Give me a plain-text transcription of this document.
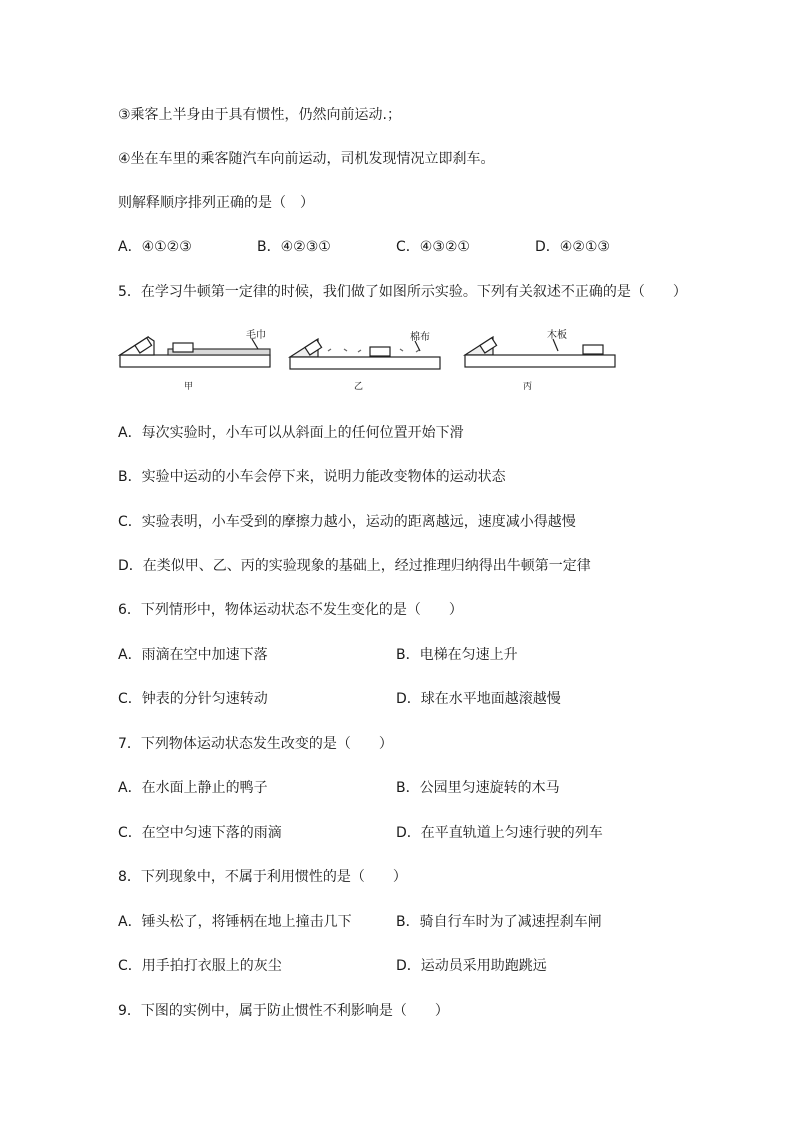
③乘客上半身由于具有惯性，仍然向前运动.；
④坐在车里的乘客随汽车向前运动，司机发现情况立即刹车。
则解释顺序排列正确的是（　）
A．④①②③	B．④②③①	C．④③②①	D．④②①③
5．在学习牛顿第一定律的时候，我们做了如图所示实验。下列有关叙述不正确的是（　　）
毛巾
甲
棉布
乙
木板
丙
A．每次实验时，小车可以从斜面上的任何位置开始下滑
B．实验中运动的小车会停下来，说明力能改变物体的运动状态
C．实验表明，小车受到的摩擦力越小，运动的距离越远，速度减小得越慢
D．在类似甲、乙、丙的实验现象的基础上，经过推理归纳得出牛顿第一定律
6．下列情形中，物体运动状态不发生变化的是（　　）
A．雨滴在空中加速下落	B．电梯在匀速上升
C．钟表的分针匀速转动	D．球在水平地面越滚越慢
7．下列物体运动状态发生改变的是（　　）
A．在水面上静止的鸭子	B．公园里匀速旋转的木马
C．在空中匀速下落的雨滴	D．在平直轨道上匀速行驶的列车
8．下列现象中，不属于利用惯性的是（　　）
A．锤头松了，将锤柄在地上撞击几下	B．骑自行车时为了减速捏刹车闸
C．用手拍打衣服上的灰尘	D．运动员采用助跑跳远
9．下图的实例中，属于防止惯性不利影响是（　　）
